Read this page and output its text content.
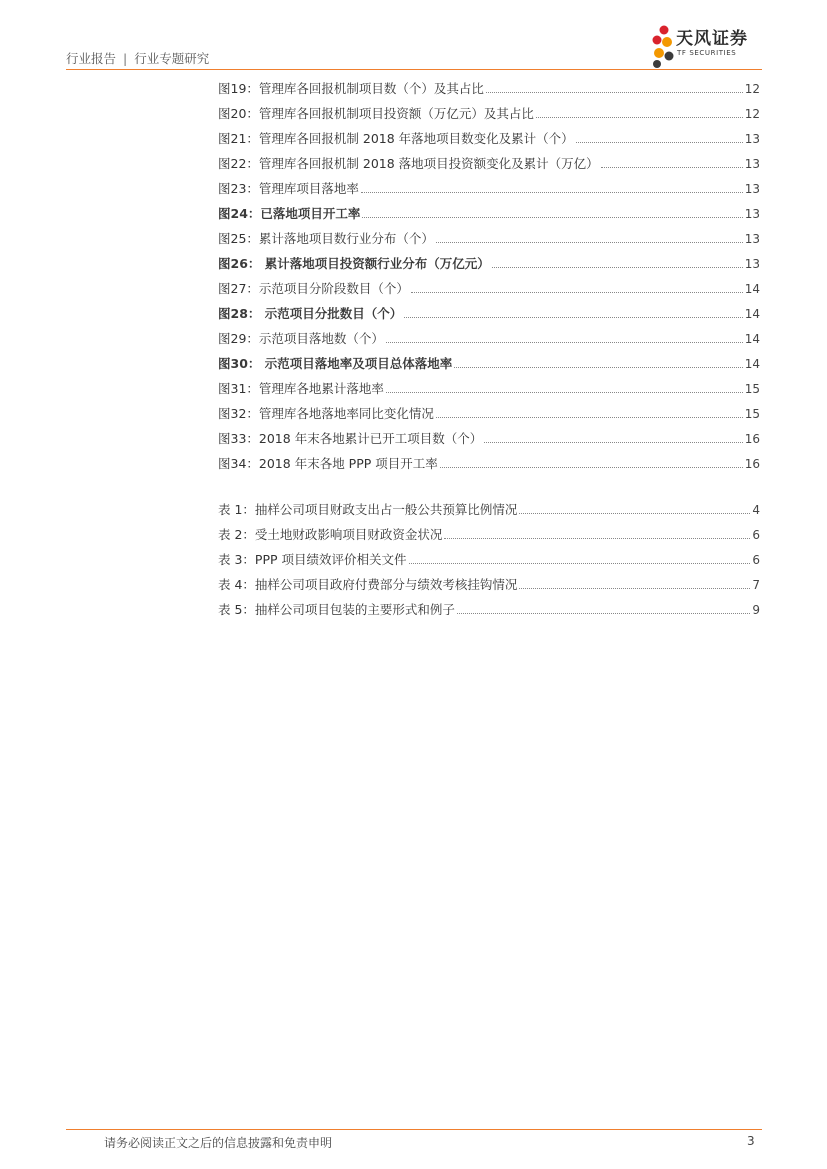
行业报告 | 行业专题研究
天风证券
TF SECURITIES
图19：管理库各回报机制项目数（个）及其占比	12
图20：管理库各回报机制项目投资额（万亿元）及其占比	12
图21：管理库各回报机制 2018 年落地项目数变化及累计（个）	13
图22：管理库各回报机制 2018 落地项目投资额变化及累计（万亿）	13
图23：管理库项目落地率	13
图24：已落地项目开工率	13
图25：累计落地项目数行业分布（个）	13
图26： 累计落地项目投资额行业分布（万亿元）	13
图27：示范项目分阶段数目（个）	14
图28： 示范项目分批数目（个）	14
图29：示范项目落地数（个）	14
图30： 示范项目落地率及项目总体落地率	14
图31：管理库各地累计落地率	15
图32：管理库各地落地率同比变化情况	15
图33：2018 年末各地累计已开工项目数（个）	16
图34：2018 年末各地 PPP 项目开工率	16
表 1：抽样公司项目财政支出占一般公共预算比例情况	4
表 2：受土地财政影响项目财政资金状况	6
表 3：PPP 项目绩效评价相关文件	6
表 4：抽样公司项目政府付费部分与绩效考核挂钩情况	7
表 5：抽样公司项目包装的主要形式和例子	9
请务必阅读正文之后的信息披露和免责申明	3
